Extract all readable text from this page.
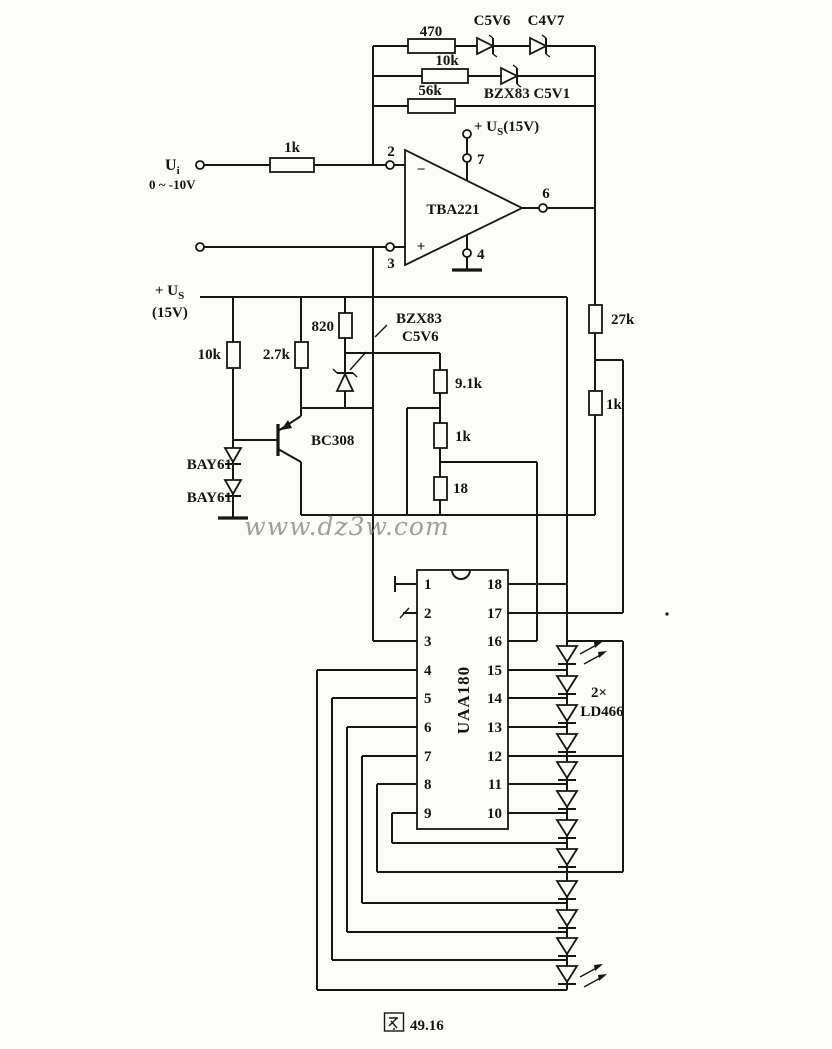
−
+
TBA221
470
C5V6 C4V7
10k
BZX83 C5V1
56k
$U_i$
0 ~ -10V
1k	2
3
+ $U_S(15V)$
7
4
6
+ $U_S$
(15V)
10k	2.7k
820	BZX83
C5V6
BC308
BAY61
BAY61
9.1k
1k
18
27k
1k
www.dz3w.com
UAA180
1
2
3
4
5
6
7
8
9
18
17
16
15
14
13
12
11
10
2×
LD466
49.16
